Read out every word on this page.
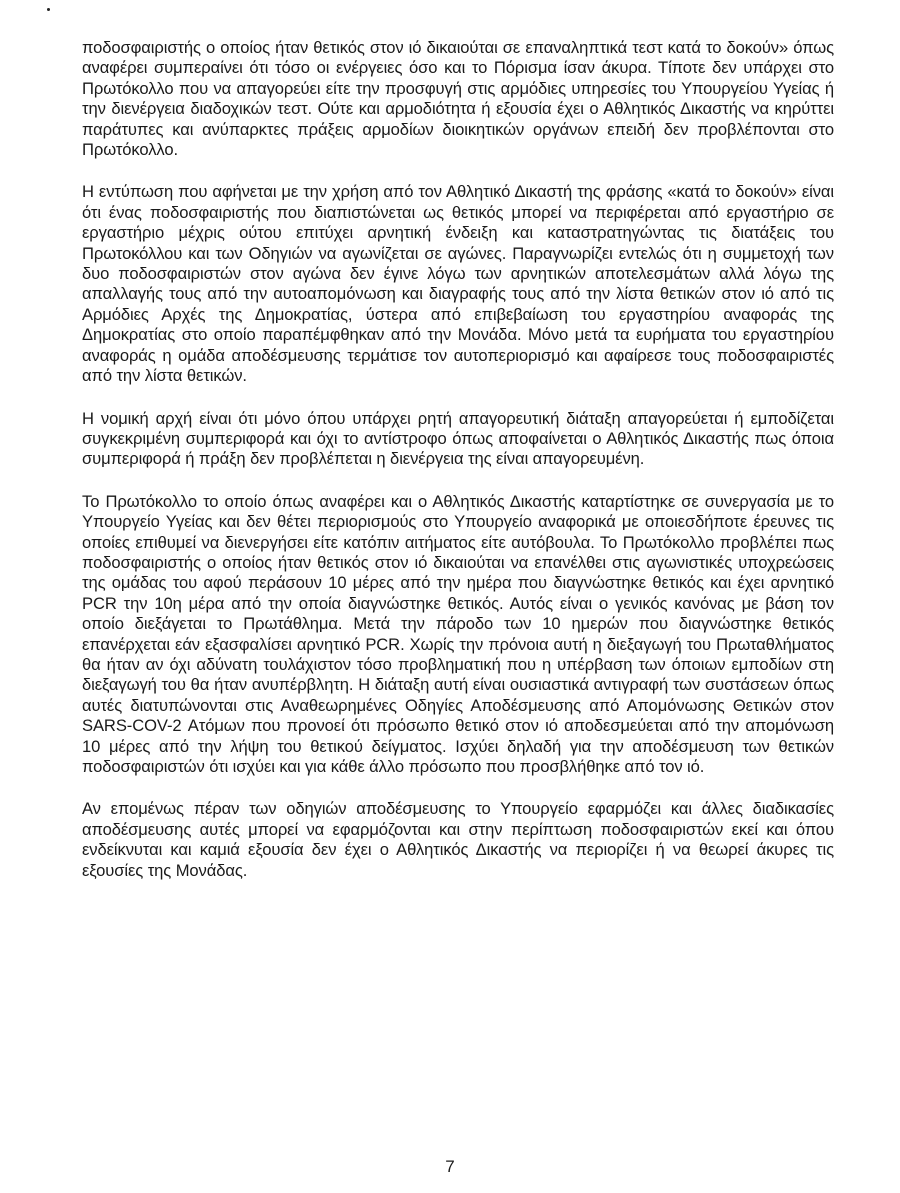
ποδοσφαιριστής ο οποίος ήταν θετικός στον ιό δικαιούται σε επαναληπτικά τεστ κατά το δοκούν» όπως αναφέρει συμπεραίνει ότι τόσο οι ενέργειες όσο και το Πόρισμα ίσαν άκυρα. Τίποτε δεν υπάρχει στο Πρωτόκολλο που να απαγορεύει είτε την προσφυγή στις αρμόδιες υπηρεσίες του Υπουργείου Υγείας ή την διενέργεια διαδοχικών τεστ. Ούτε και αρμοδιότητα ή εξουσία έχει ο Αθλητικός Δικαστής να κηρύττει παράτυπες και ανύπαρκτες πράξεις αρμοδίων διοικητικών οργάνων επειδή δεν προβλέπονται στο Πρωτόκολλο.

Η εντύπωση που αφήνεται με την χρήση από τον Αθλητικό Δικαστή της φράσης «κατά το δοκούν» είναι ότι ένας ποδοσφαιριστής που διαπιστώνεται ως θετικός μπορεί να περιφέρεται από εργαστήριο σε εργαστήριο μέχρις ούτου επιτύχει αρνητική ένδειξη και καταστρατηγώντας τις διατάξεις του Πρωτοκόλλου και των Οδηγιών να αγωνίζεται σε αγώνες. Παραγνωρίζει εντελώς ότι η συμμετοχή των δυο ποδοσφαιριστών στον αγώνα δεν έγινε λόγω των αρνητικών αποτελεσμάτων αλλά λόγω της απαλλαγής τους από την αυτοαπομόνωση και διαγραφής τους από την λίστα θετικών στον ιό από τις Αρμόδιες Αρχές της Δημοκρατίας, ύστερα από επιβεβαίωση του εργαστηρίου αναφοράς της Δημοκρατίας στο οποίο παραπέμφθηκαν από την Μονάδα. Μόνο μετά τα ευρήματα του εργαστηρίου αναφοράς η ομάδα αποδέσμευσης τερμάτισε τον αυτοπεριορισμό και αφαίρεσε τους ποδοσφαιριστές από την λίστα θετικών.

Η νομική αρχή είναι ότι μόνο όπου υπάρχει ρητή απαγορευτική διάταξη απαγορεύεται ή εμποδίζεται συγκεκριμένη συμπεριφορά και όχι το αντίστροφο όπως αποφαίνεται ο Αθλητικός Δικαστής πως όποια συμπεριφορά ή πράξη δεν προβλέπεται η διενέργεια της είναι απαγορευμένη.

Το Πρωτόκολλο το οποίο όπως αναφέρει και ο Αθλητικός Δικαστής καταρτίστηκε σε συνεργασία με το Υπουργείο Υγείας και δεν θέτει περιορισμούς στο Υπουργείο αναφορικά με οποιεσδήποτε έρευνες τις οποίες επιθυμεί να διενεργήσει είτε κατόπιν αιτήματος είτε αυτόβουλα. Το Πρωτόκολλο προβλέπει πως ποδοσφαιριστής ο οποίος ήταν θετικός στον ιό δικαιούται να επανέλθει στις αγωνιστικές υποχρεώσεις της ομάδας του αφού περάσουν 10 μέρες από την ημέρα που διαγνώστηκε θετικός και έχει αρνητικό PCR την 10η μέρα από την οποία διαγνώστηκε θετικός. Αυτός είναι ο γενικός κανόνας με βάση τον οποίο διεξάγεται το Πρωτάθλημα. Μετά την πάροδο των 10 ημερών που διαγνώστηκε θετικός επανέρχεται εάν εξασφαλίσει αρνητικό PCR. Χωρίς την πρόνοια αυτή η διεξαγωγή του Πρωταθλήματος θα ήταν αν όχι αδύνατη τουλάχιστον τόσο προβληματική που η υπέρβαση των όποιων εμποδίων στη διεξαγωγή του θα ήταν ανυπέρβλητη. Η διάταξη αυτή είναι ουσιαστικά αντιγραφή των συστάσεων όπως αυτές διατυπώνονται στις Αναθεωρημένες Οδηγίες Αποδέσμευσης από Απομόνωσης Θετικών στον SARS-COV-2 Ατόμων που προνοεί ότι πρόσωπο θετικό στον ιό αποδεσμεύεται από την απομόνωση 10 μέρες από την λήψη του θετικού δείγματος. Ισχύει δηλαδή για την αποδέσμευση των θετικών ποδοσφαιριστών ότι ισχύει και για κάθε άλλο πρόσωπο που προσβλήθηκε από τον ιό.

Αν επομένως πέραν των οδηγιών αποδέσμευσης το Υπουργείο εφαρμόζει και άλλες διαδικασίες αποδέσμευσης αυτές μπορεί να εφαρμόζονται και στην περίπτωση ποδοσφαιριστών εκεί και όπου ενδείκνυται και καμιά εξουσία δεν έχει ο Αθλητικός Δικαστής να περιορίζει ή να θεωρεί άκυρες τις εξουσίες της Μονάδας.

7
